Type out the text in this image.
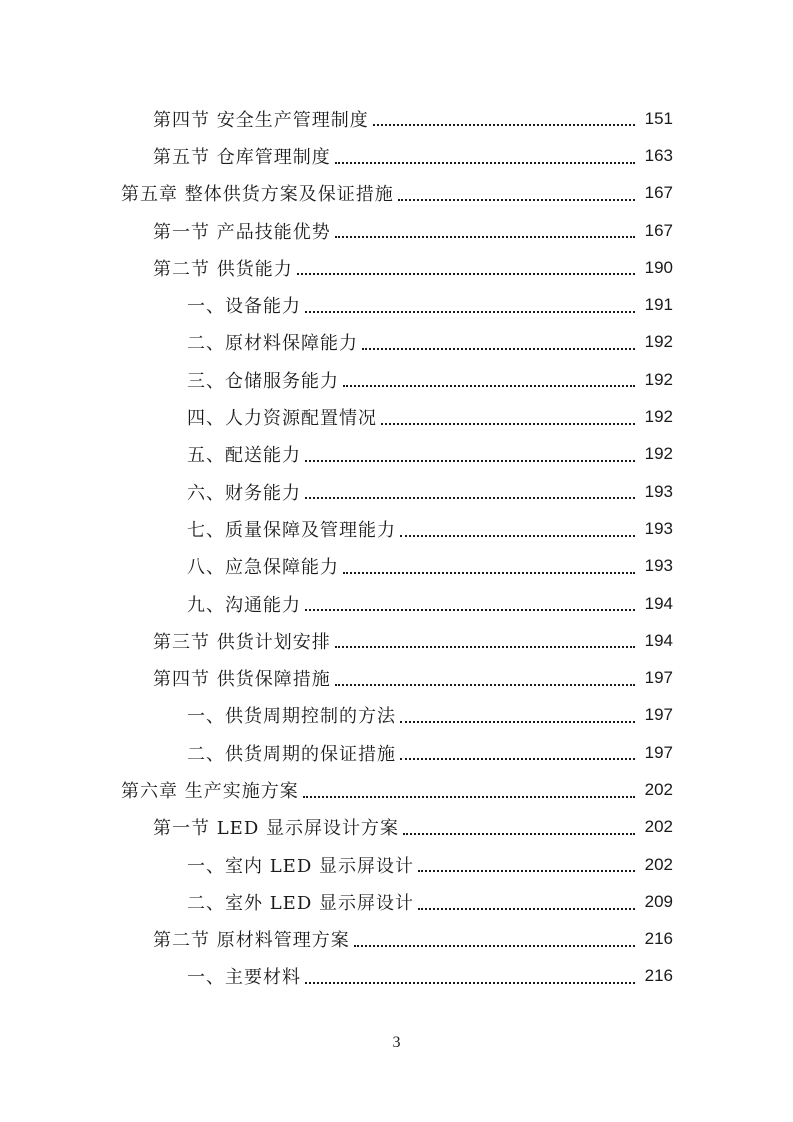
第四节 安全生产管理制度	151
第五节 仓库管理制度	163
第五章 整体供货方案及保证措施	167
第一节 产品技能优势	167
第二节 供货能力	190
一、设备能力	191
二、原材料保障能力	192
三、仓储服务能力	192
四、人力资源配置情况	192
五、配送能力	192
六、财务能力	193
七、质量保障及管理能力	193
八、应急保障能力	193
九、沟通能力	194
第三节 供货计划安排	194
第四节 供货保障措施	197
一、供货周期控制的方法	197
二、供货周期的保证措施	197
第六章 生产实施方案	202
第一节 LED 显示屏设计方案	202
一、室内 LED 显示屏设计	202
二、室外 LED 显示屏设计	209
第二节 原材料管理方案	216
一、主要材料	216
3
